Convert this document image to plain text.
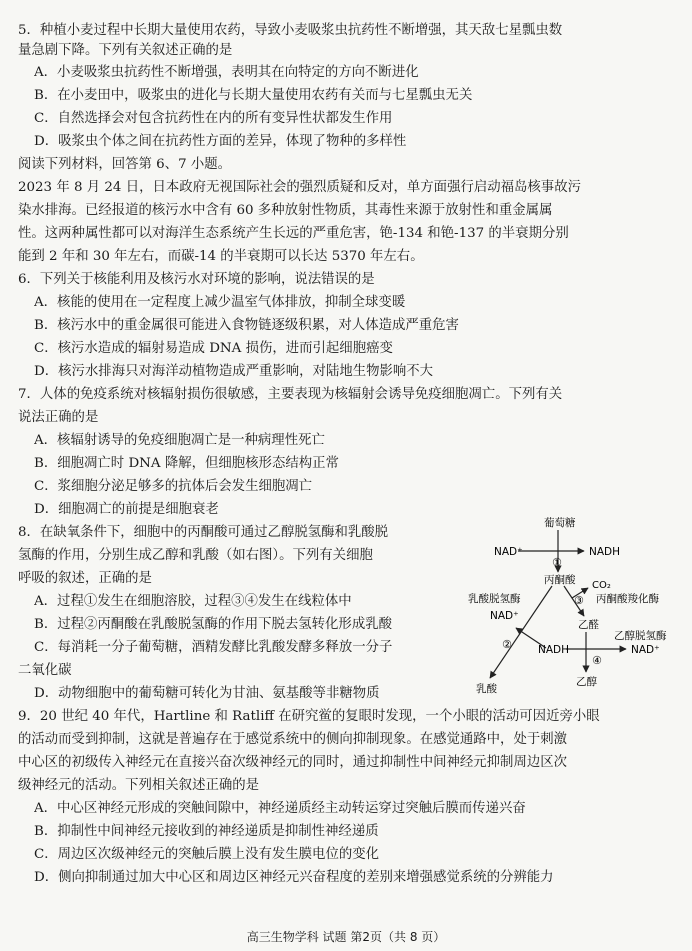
5．种植小麦过程中长期大量使用农药，导致小麦吸浆虫抗药性不断增强，其天敌七星瓢虫数
量急剧下降。下列有关叙述正确的是
A．小麦吸浆虫抗药性不断增强，表明其在向特定的方向不断进化
B．在小麦田中，吸浆虫的进化与长期大量使用农药有关而与七星瓢虫无关
C．自然选择会对包含抗药性在内的所有变异性状都发生作用
D．吸浆虫个体之间在抗药性方面的差异，体现了物种的多样性
阅读下列材料，回答第 6、7 小题。
2023 年 8 月 24 日，日本政府无视国际社会的强烈质疑和反对，单方面强行启动福岛核事故污
染水排海。已经报道的核污水中含有 60 多种放射性物质，其毒性来源于放射性和重金属属
性。这两种属性都可以对海洋生态系统产生长远的严重危害，铯-134 和铯-137 的半衰期分别
能到 2 年和 30 年左右，而碳-14 的半衰期可以长达 5370 年左右。
6．下列关于核能利用及核污水对环境的影响，说法错误的是
A．核能的使用在一定程度上减少温室气体排放，抑制全球变暖
B．核污水中的重金属很可能进入食物链逐级积累，对人体造成严重危害
C．核污水造成的辐射易造成 DNA 损伤，进而引起细胞癌变
D．核污水排海只对海洋动植物造成严重影响，对陆地生物影响不大
7．人体的免疫系统对核辐射损伤很敏感，主要表现为核辐射会诱导免疫细胞凋亡。下列有关
说法正确的是
A．核辐射诱导的免疫细胞凋亡是一种病理性死亡
B．细胞凋亡时 DNA 降解，但细胞核形态结构正常
C．浆细胞分泌足够多的抗体后会发生细胞凋亡
D．细胞凋亡的前提是细胞衰老
8．在缺氧条件下，细胞中的丙酮酸可通过乙醇脱氢酶和乳酸脱
氢酶的作用，分别生成乙醇和乳酸（如右图）。下列有关细胞
呼吸的叙述，正确的是
A．过程①发生在细胞溶胶，过程③④发生在线粒体中
B．过程②丙酮酸在乳酸脱氢酶的作用下脱去氢转化形成乳酸
C．每消耗一分子葡萄糖，酒精发酵比乳酸发酵多释放一分子
二氧化碳
D．动物细胞中的葡萄糖可转化为甘油、氨基酸等非糖物质
9．20 世纪 40 年代，Hartline 和 Ratliff 在研究鲎的复眼时发现，一个小眼的活动可因近旁小眼
的活动而受到抑制，这就是普遍存在于感觉系统中的侧向抑制现象。在感觉通路中，处于刺激
中心区的初级传入神经元在直接兴奋次级神经元的同时，通过抑制性中间神经元抑制周边区次
级神经元的活动。下列相关叙述正确的是
A．中心区神经元形成的突触间隙中，神经递质经主动转运穿过突触后膜而传递兴奋
B．抑制性中间神经元接收到的神经递质是抑制性神经递质
C．周边区次级神经元的突触后膜上没有发生膜电位的变化
D．侧向抑制通过加大中心区和周边区神经元兴奋程度的差别来增强感觉系统的分辨能力
葡萄糖
NAD⁺	NADH
①
丙酮酸 CO₂
乳酸脱氢酶	③ 丙酮酸羧化酶
NAD⁺
乙醛
②
乙醇脱氢酶
NADH	NAD⁺
④
乙醇
乳酸
高三生物学科 试题 第2页（共 8 页）
